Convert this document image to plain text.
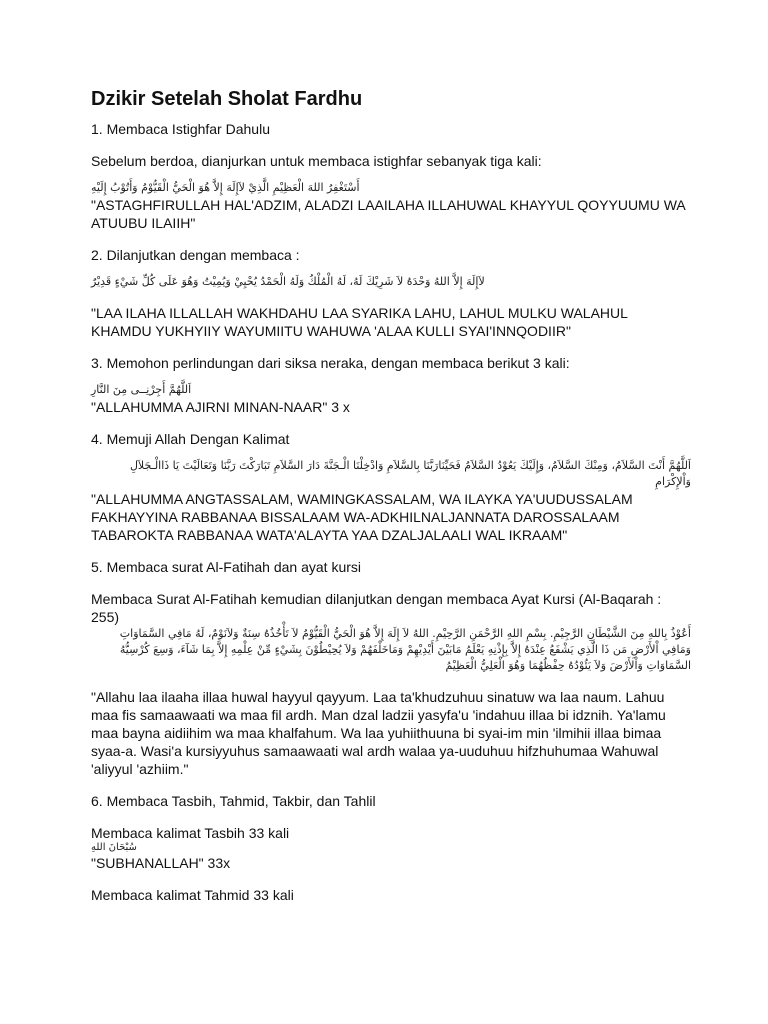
Dzikir Setelah Sholat Fardhu

1. Membaca Istighfar Dahulu

Sebelum berdoa, dianjurkan untuk membaca istighfar sebanyak tiga kali:

أَسْتَغْفِرُ اللهَ الْعَظِيْمِ الَّذِيْ لاَإِلَهَ إِلاَّ هُوَ الْحَيُّ الْقَيُّوْمُ وَأَتُوْبُ إِلَيْهِ

"ASTAGHFIRULLAH HAL'ADZIM, ALADZI LAAILAHA ILLAHUWAL KHAYYUL QOYYUUMU WA ATUUBU ILAIIH"

2. Dilanjutkan dengan membaca :

لاَإِلَهَ إِلاَّ اللهُ وَحْدَهُ لاَ شَرِيْكَ لَهُ، لَهُ الْمُلْكُ وَلَهُ الْحَمْدُ يُحْيِيْ وَيُمِيْتُ وَهُوَ عَلَى كُلِّ شَيْءٍ قَدِيْرٌ

"LAA ILAHA ILLALLAH WAKHDAHU LAA SYARIKA LAHU, LAHUL MULKU WALAHUL KHAMDU YUKHYIIY WAYUMIITU WAHUWA 'ALAA KULLI SYAI'INNQODIIR"

3. Memohon perlindungan dari siksa neraka, dengan membaca berikut 3 kali:

اَللَّهُمَّ أَجِرْنِــى مِنَ النَّارِ

"ALLAHUMMA AJIRNI MINAN-NAAR" 3 x

4. Memuji Allah Dengan Kalimat

اَللَّهُمَّ أَنْتَ السَّلاَمُ، وَمِنْكَ السَّلاَمُ، وَإِلَيْكَ يَعُوْدُ السَّلاَمُ فَحَيِّنَارَبَّنَا بِالسَّلاَمِ وَادْخِلْنَا الْـجَنَّةَ دَارَ السَّلاَمِ تَبَارَكْتَ رَبَّنَا وَتَعَالَيْتَ يَا ذَاالْـجَلاَلِ وَاْلإِكْرَامِ

"ALLAHUMMA ANGTASSALAM, WAMINGKASSALAM, WA ILAYKA YA'UUDUSSALAM FAKHAYYINA RABBANAA BISSALAAM WA-ADKHILNALJANNATA DAROSSALAAM TABAROKTA RABBANAA WATA'ALAYTA YAA DZALJALAALI WAL IKRAAM"

5. Membaca surat Al-Fatihah dan ayat kursi

Membaca Surat Al-Fatihah kemudian dilanjutkan dengan membaca Ayat Kursi (Al-Baqarah : 255)

أَعُوْذُ بِاللهِ مِنَ الشَّيْطَانِ الرَّجِيْمِ. بِسْمِ اللهِ الرَّحْمَنِ الرَّحِيْمِ. اللهُ لاَ إِلَهَ إِلاَّ هُوَ الْحَيُّ الْقَيُّوْمُ لاَ تَأْخُذُهُ سِنَةٌ وَلاَنَوْمٌ، لَهُ مَافِي السَّمَاوَاتِ وَمَافِي اْلأَرْضِ مَن ذَا الَّذِي يَشْفَعُ عِنْدَهُ إِلاَّ بِإِذْنِهِ يَعْلَمُ مَابَيْنَ أَيْدِيْهِمْ وَمَاخَلْفَهُمْ وَلاَ يُحِيْطُوْنَ بِشَيْءٍ مِّنْ عِلْمِهِ إِلاَّ بِمَا شَآءَ، وَسِعَ كُرْسِيُّهُ السَّمَاوَاتِ وَاْلأَرْضَ وَلاَ يَئُوْدُهُ حِفْظُهُمَا وَهُوَ الْعَلِيُّ الْعَظِيْمُ

"Allahu laa ilaaha illaa huwal hayyul qayyum. Laa ta'khudzuhuu sinatuw wa laa naum. Lahuu maa fis samaawaati wa maa fil ardh. Man dzal ladzii yasyfa'u 'indahuu illaa bi idznih. Ya'lamu maa bayna aidiihim wa maa khalfahum. Wa laa yuhiithuuna bi syai-im min 'ilmihii illaa bimaa syaa-a. Wasi'a kursiyyuhus samaawaati wal ardh walaa ya-uuduhuu hifzhuhumaa Wahuwal 'aliyyul 'azhiim."

6. Membaca Tasbih, Tahmid, Takbir, dan Tahlil

Membaca kalimat Tasbih 33 kali

سُبْحَانَ اللهِ

"SUBHANALLAH" 33x

Membaca kalimat Tahmid 33 kali
